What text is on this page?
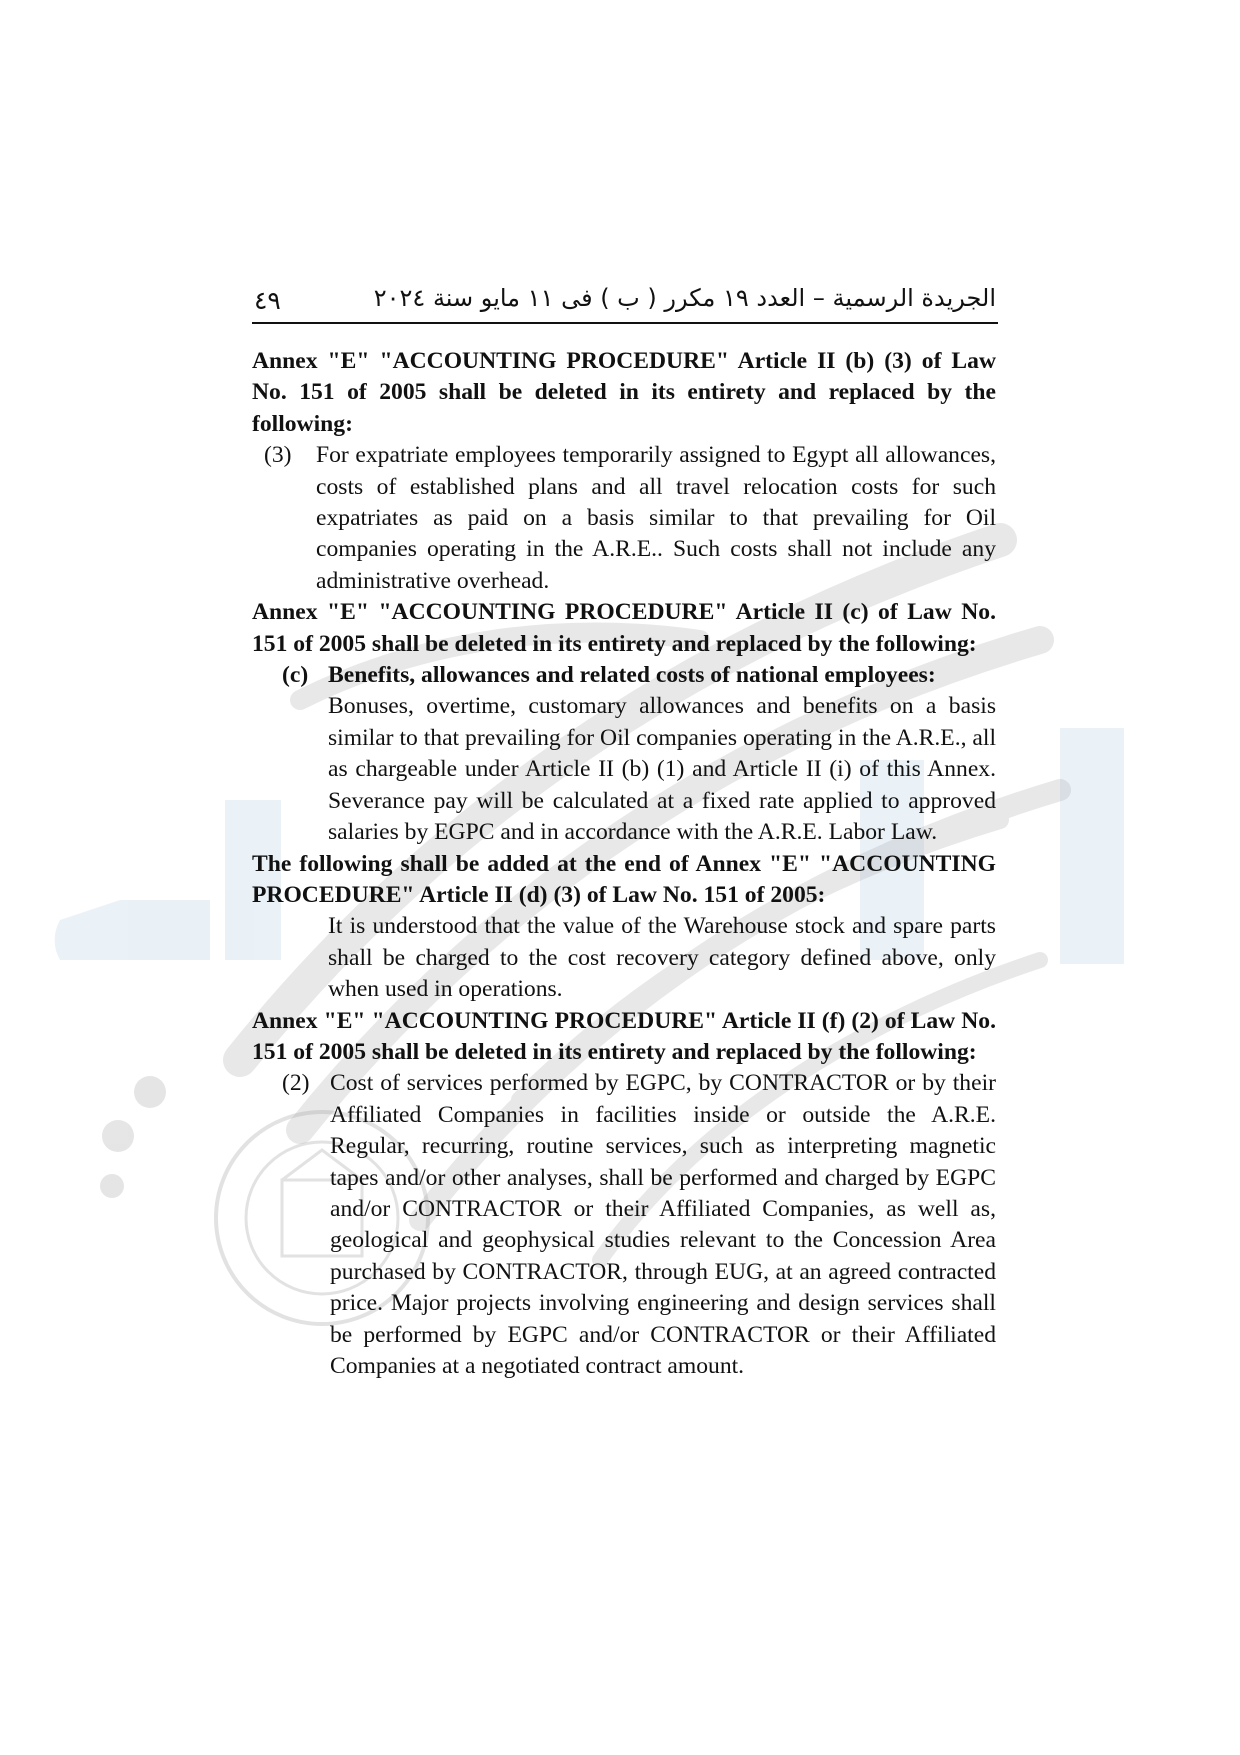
٤٩	الجريدة الرسمية – العدد ١٩ مكرر ( ب ) فى ١١ مايو سنة ٢٠٢٤

Annex "E" "ACCOUNTING PROCEDURE" Article II (b) (3) of Law No. 151 of 2005 shall be deleted in its entirety and replaced by the following:

(3)	For expatriate employees temporarily assigned to Egypt all allowances, costs of established plans and all travel relocation costs for such expatriates as paid on a basis similar to that prevailing for Oil companies operating in the A.R.E.. Such costs shall not include any administrative overhead.

Annex "E" "ACCOUNTING PROCEDURE" Article II (c) of Law No. 151 of 2005 shall be deleted in its entirety and replaced by the following:

(c) Benefits, allowances and related costs of national employees:
Bonuses, overtime, customary allowances and benefits on a basis similar to that prevailing for Oil companies operating in the A.R.E., all as chargeable under Article II (b) (1) and Article II (i) of this Annex. Severance pay will be calculated at a fixed rate applied to approved salaries by EGPC and in accordance with the A.R.E. Labor Law.

The following shall be added at the end of Annex "E" "ACCOUNTING PROCEDURE" Article II (d) (3) of Law No. 151 of 2005:

It is understood that the value of the Warehouse stock and spare parts shall be charged to the cost recovery category defined above, only when used in operations.

Annex "E" "ACCOUNTING PROCEDURE" Article II (f) (2) of Law No. 151 of 2005 shall be deleted in its entirety and replaced by the following:

(2) Cost of services performed by EGPC, by CONTRACTOR or by their Affiliated Companies in facilities inside or outside the A.R.E. Regular, recurring, routine services, such as interpreting magnetic tapes and/or other analyses, shall be performed and charged by EGPC and/or CONTRACTOR or their Affiliated Companies, as well as, geological and geophysical studies relevant to the Concession Area purchased by CONTRACTOR, through EUG, at an agreed contracted price. Major projects involving engineering and design services shall be performed by EGPC and/or CONTRACTOR or their Affiliated Companies at a negotiated contract amount.
